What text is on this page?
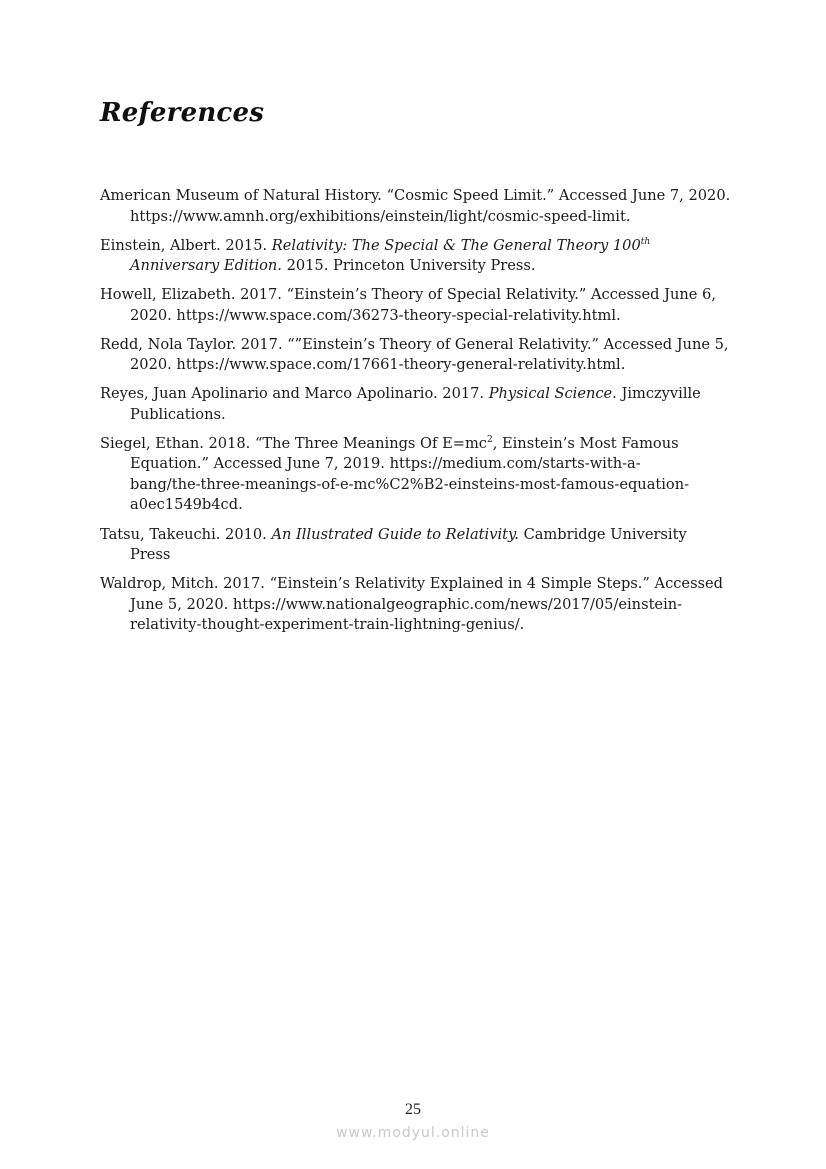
References

American Museum of Natural History. “Cosmic Speed Limit.” Accessed June 7, 2020. https://www.amnh.org/exhibitions/einstein/light/cosmic-speed-limit.

Einstein, Albert. 2015. Relativity: The Special & The General Theory 100th
Anniversary Edition. 2015. Princeton University Press.

Howell, Elizabeth. 2017. “Einstein’s Theory of Special Relativity.” Accessed June 6, 2020. https://www.space.com/36273-theory-special-relativity.html.

Redd, Nola Taylor. 2017. “”Einstein’s Theory of General Relativity.” Accessed June 5, 2020. https://www.space.com/17661-theory-general-relativity.html.

Reyes, Juan Apolinario and Marco Apolinario. 2017. Physical Science. Jimczyville Publications.

Siegel, Ethan. 2018. “The Three Meanings Of $E=mc^2$, Einstein’s Most Famous Equation.” Accessed June 7, 2019. https://medium.com/starts-with-a-
bang/the-three-meanings-of-e-mc%C2%B2-einsteins-most-famous-equation-
a0ec1549b4cd.

Tatsu, Takeuchi. 2010. An Illustrated Guide to Relativity. Cambridge University
Press

Waldrop, Mitch. 2017. “Einstein’s Relativity Explained in 4 Simple Steps.” Accessed June 5, 2020. https://www.nationalgeographic.com/news/2017/05/einstein-
relativity-thought-experiment-train-lightning-genius/.

25
www.modyul.online
